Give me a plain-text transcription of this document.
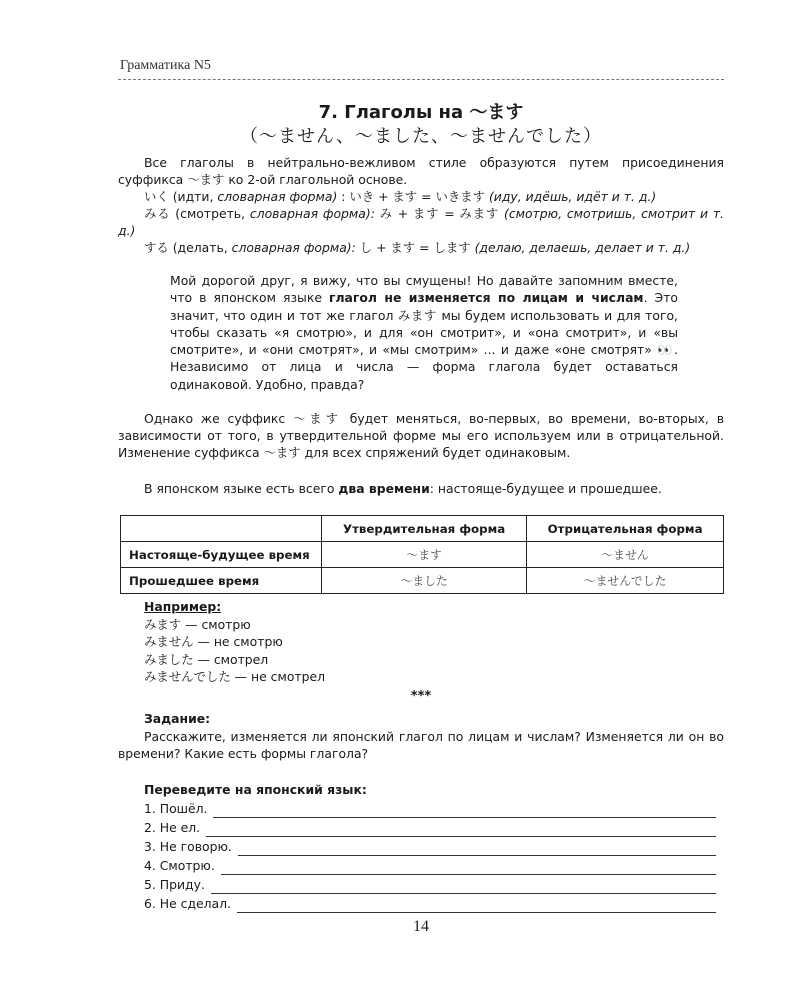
Грамматика N5
7. Глаголы на 〜ます
（〜ません、〜ました、〜ませんでした）

Все глаголы в нейтрально-вежливом стиле образуются путем присоединения суффикса 〜ます ко 2-ой глагольной основе.

いく (идти, словарная форма) : いき + ます = いきます (иду, идёшь, идёт и т. д.)
みる (смотреть, словарная форма): み + ます = みます (смотрю, смотришь, смотрит и т. д.)
する (делать, словарная форма): し + ます = します (делаю, делаешь, делает и т. д.)
Мой дорогой друг, я вижу, что вы смущены! Но давайте запомним вместе, что в японском языке глагол не изменяется по лицам и числам. Это значит, что один и тот же глагол みます мы будем использовать и для того, чтобы сказать «я смотрю», и для «он смотрит», и «она смотрит», и «вы смотрите», и «они смотрят», и «мы смотрим» ... и даже «оне смотрят» 👀. Независимо от лица и числа — форма глагола будет оставаться одинаковой. Удобно, правда?

Однако же суффикс 〜ます будет меняться, во-первых, во времени, во-вторых, в зависимости от того, в утвердительной форме мы его используем или в отрицательной. Изменение суффикса 〜ます для всех спряжений будет одинаковым.

В японском языке есть всего два времени: настояще-будущее и прошедшее.

	Утвердительная форма	Отрицательная форма
Настояще-будущее время	〜ます	〜ません
Прошедшее время	〜ました	〜ませんでした
Например:
みます — смотрю
みません — не смотрю
みました — смотрел
みませんでした — не смотрел
***
Задание:

Расскажите, изменяется ли японский глагол по лицам и числам? Изменяется ли он во времени? Какие есть формы глагола?

Переведите на японский язык:
1. Пошёл.
2. Не ел.
3. Не говорю.
4. Смотрю.
5. Приду.
6. Не сделал.
14
